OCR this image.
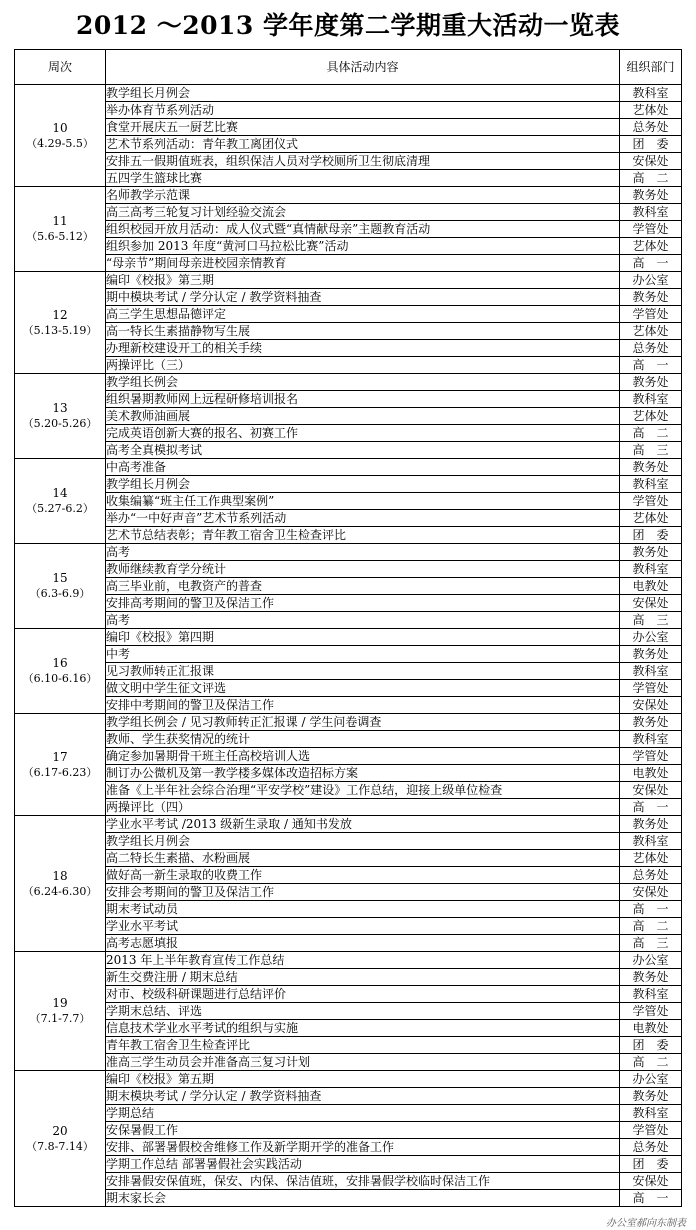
2012 ～2013 学年度第二学期重大活动一览表
周次	具体活动内容	组织部门

10
（4.29-5.5）	教学组长月例会	教科室
	举办体育节系列活动	艺体处
	食堂开展庆五一厨艺比赛	总务处
	艺术节系列活动：青年教工离团仪式	团　委
	安排五一假期值班表，组织保洁人员对学校厕所卫生彻底清理	安保处
	五四学生篮球比赛	高　二

11
（5.6-5.12）	名师教学示范课	教务处
	高三高考三轮复习计划经验交流会	教科室
	组织校园开放月活动：成人仪式暨“真情献母亲”主题教育活动	学管处
	组织参加 2013 年度“黄河口马拉松比赛”活动	艺体处
	“母亲节”期间母亲进校园亲情教育	高　一

12
（5.13-5.19）	编印《校报》第三期	办公室
	期中模块考试 / 学分认定 / 教学资料抽查	教务处
	高三学生思想品德评定	学管处
	高一特长生素描静物写生展	艺体处
	办理新校建设开工的相关手续	总务处
	两操评比（三）	高　一

13
（5.20-5.26）	教学组长例会	教务处
	组织暑期教师网上远程研修培训报名	教科室
	美术教师油画展	艺体处
	完成英语创新大赛的报名、初赛工作	高　二
	高考全真模拟考试	高　三

14
（5.27-6.2）	中高考准备	教务处
	教学组长月例会	教科室
	收集编纂“班主任工作典型案例”	学管处
	举办“一中好声音”艺术节系列活动	艺体处
	艺术节总结表彰；青年教工宿舍卫生检查评比	团　委

15
（6.3-6.9）	高考	教务处
	教师继续教育学分统计	教科室
	高三毕业前，电教资产的普查	电教处
	安排高考期间的警卫及保洁工作	安保处
	高考	高　三

16
（6.10-6.16）	编印《校报》第四期	办公室
	中考	教务处
	见习教师转正汇报课	教科室
	做文明中学生征文评选	学管处
	安排中考期间的警卫及保洁工作	安保处

17
（6.17-6.23）	教学组长例会 / 见习教师转正汇报课 / 学生问卷调查	教务处
	教师、学生获奖情况的统计	教科室
	确定参加暑期骨干班主任高校培训人选	学管处
	制订办公微机及第一教学楼多媒体改造招标方案	电教处
	准备《上半年社会综合治理“平安学校”建设》工作总结，迎接上级单位检查	安保处
	两操评比（四）	高　一

18
（6.24-6.30）	学业水平考试 /2013 级新生录取 / 通知书发放	教务处
	教学组长月例会	教科室
	高二特长生素描、水粉画展	艺体处
	做好高一新生录取的收费工作	总务处
	安排会考期间的警卫及保洁工作	安保处
	期末考试动员	高　一
	学业水平考试	高　二
	高考志愿填报	高　三

19
（7.1-7.7）	2013 年上半年教育宣传工作总结	办公室
	新生交费注册 / 期末总结	教务处
	对市、校级科研课题进行总结评价	教科室
	学期末总结、评选	学管处
	信息技术学业水平考试的组织与实施	电教处
	青年教工宿舍卫生检查评比	团　委
	准高三学生动员会并准备高三复习计划	高　二

20
（7.8-7.14）	编印《校报》第五期	办公室
	期末模块考试 / 学分认定 / 教学资料抽查	教务处
	学期总结	教科室
	安保暑假工作	学管处
	安排、部署暑假校舍维修工作及新学期开学的准备工作	总务处
	学期工作总结 部署暑假社会实践活动	团　委
	安排暑假安保值班，保安、内保、保洁值班，安排暑假学校临时保洁工作	安保处
	期末家长会	高　一
办公室郝向东制表
